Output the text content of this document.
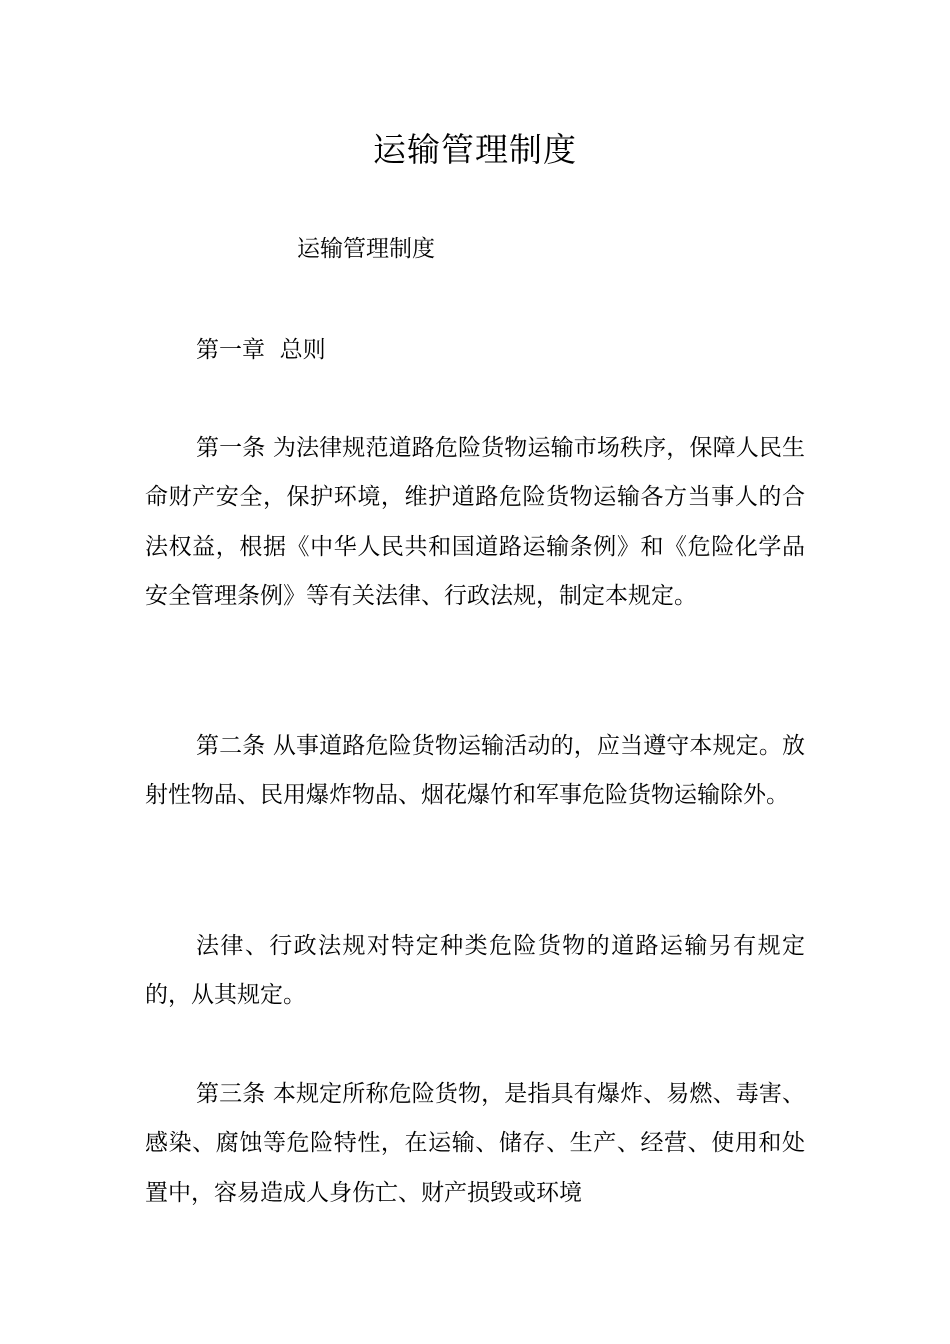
运输管理制度

运输管理制度

第一章  总则

第一条 为法律规范道路危险货物运输市场秩序，保障人民生命财产安全，保护环境，维护道路危险货物运输各方当事人的合法权益，根据《中华人民共和国道路运输条例》和《危险化学品安全管理条例》等有关法律、行政法规，制定本规定。

第二条 从事道路危险货物运输活动的，应当遵守本规定。放射性物品、民用爆炸物品、烟花爆竹和军事危险货物运输除外。

法律、行政法规对特定种类危险货物的道路运输另有规定的，从其规定。

第三条 本规定所称危险货物，是指具有爆炸、易燃、毒害、感染、腐蚀等危险特性，在运输、储存、生产、经营、使用和处置中，容易造成人身伤亡、财产损毁或环境
